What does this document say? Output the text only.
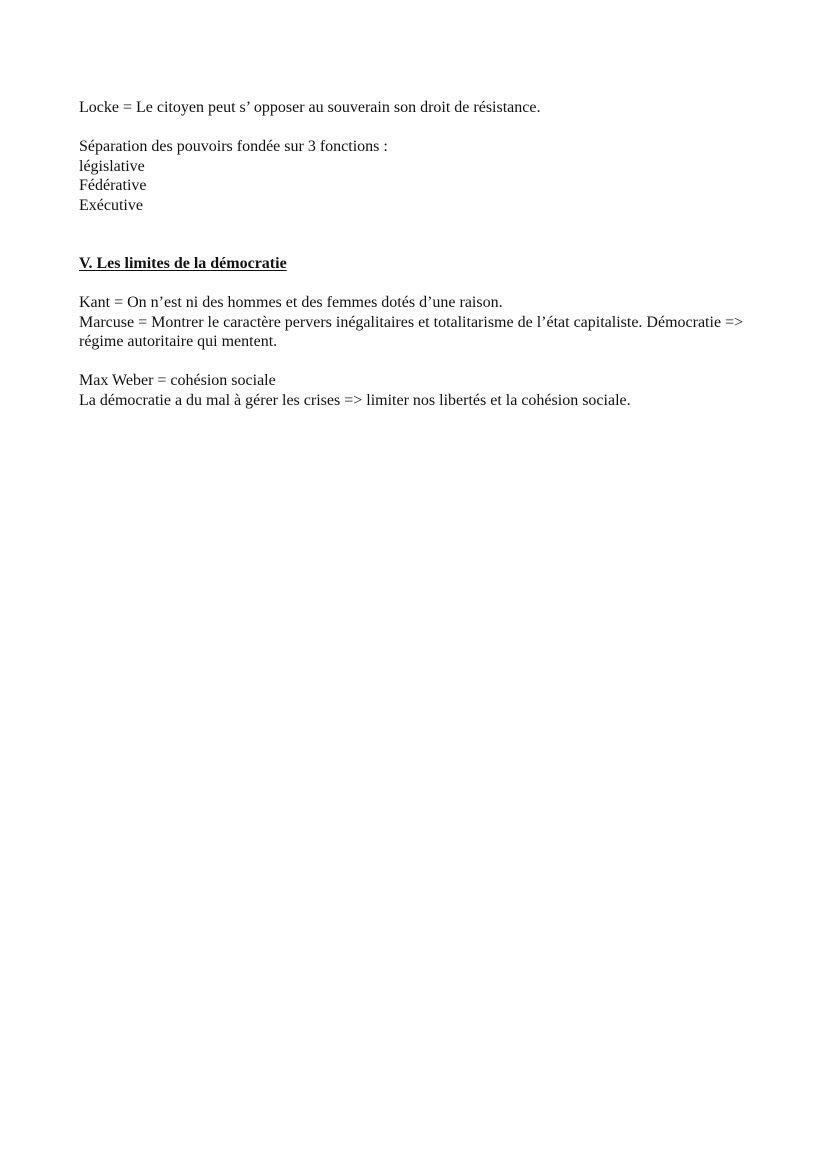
Locke = Le citoyen peut s’ opposer au souverain son droit de résistance.
Séparation des pouvoirs fondée sur 3 fonctions :
législative
Fédérative
Exécutive
V. Les limites de la démocratie
Kant = On n’est ni des hommes et des femmes dotés d’une raison.
Marcuse = Montrer le caractère pervers inégalitaires et totalitarisme de l’état capitaliste. Démocratie => régime autoritaire qui mentent.
Max Weber = cohésion sociale
La démocratie a du mal à gérer les crises => limiter nos libertés et la cohésion sociale.
